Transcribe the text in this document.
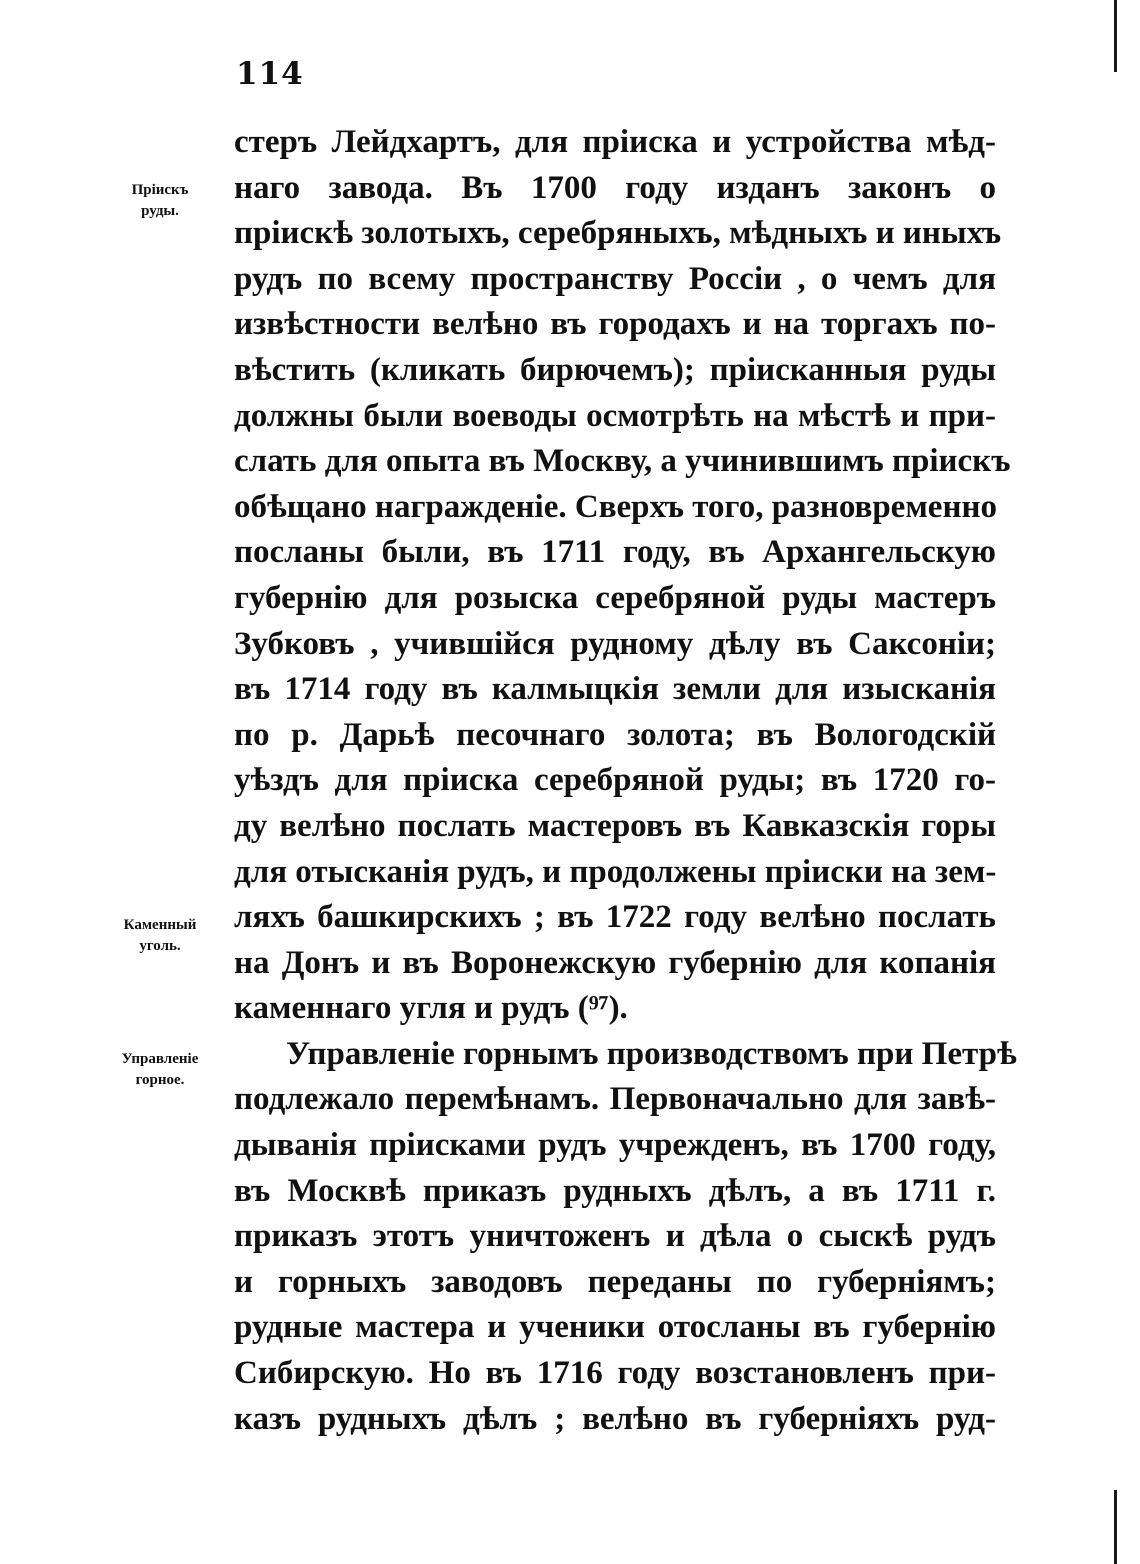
114
Пріискъ
руды.
Каменный
уголь.
Управленіе
горное.
стеръ Лейдхартъ, для пріиска и устройства мѣд-
наго завода. Въ 1700 году изданъ законъ о
пріискѣ золотыхъ, серебряныхъ, мѣдныхъ и иныхъ
рудъ по всему пространству Россіи , о чемъ для
извѣстности велѣно въ городахъ и на торгахъ по-
вѣстить (кликать бирючемъ); пріисканныя руды
должны были воеводы осмотрѣть на мѣстѣ и при-
слать для опыта въ Москву, а учинившимъ пріискъ
обѣщано награжденіе. Сверхъ того, разновременно
посланы были, въ 1711 году, въ Архангельскую
губернію для розыска серебряной руды мастеръ
Зубковъ , учившійся рудному дѣлу въ Саксоніи;
въ 1714 году въ калмыцкія земли для изысканія
по р. Дарьѣ песочнаго золота; въ Вологодскій
уѣздъ для пріиска серебряной руды; въ 1720 го-
ду велѣно послать мастеровъ въ Кавказскія горы
для отысканія рудъ, и продолжены пріиски на зем-
ляхъ башкирскихъ ; въ 1722 году велѣно послать
на Донъ и въ Воронежскую губернію для копанія
каменнаго угля и рудъ (⁹⁷).
Управленіе горнымъ производствомъ при Петрѣ
подлежало перемѣнамъ. Первоначально для завѣ-
дыванія пріисками рудъ учрежденъ, въ 1700 году,
въ Москвѣ приказъ рудныхъ дѣлъ, а въ 1711 г.
приказъ этотъ уничтоженъ и дѣла о сыскѣ рудъ
и горныхъ заводовъ переданы по губерніямъ;
рудные мастера и ученики отосланы въ губернію
Сибирскую. Но въ 1716 году возстановленъ при-
казъ рудныхъ дѣлъ ; велѣно въ губерніяхъ руд-
